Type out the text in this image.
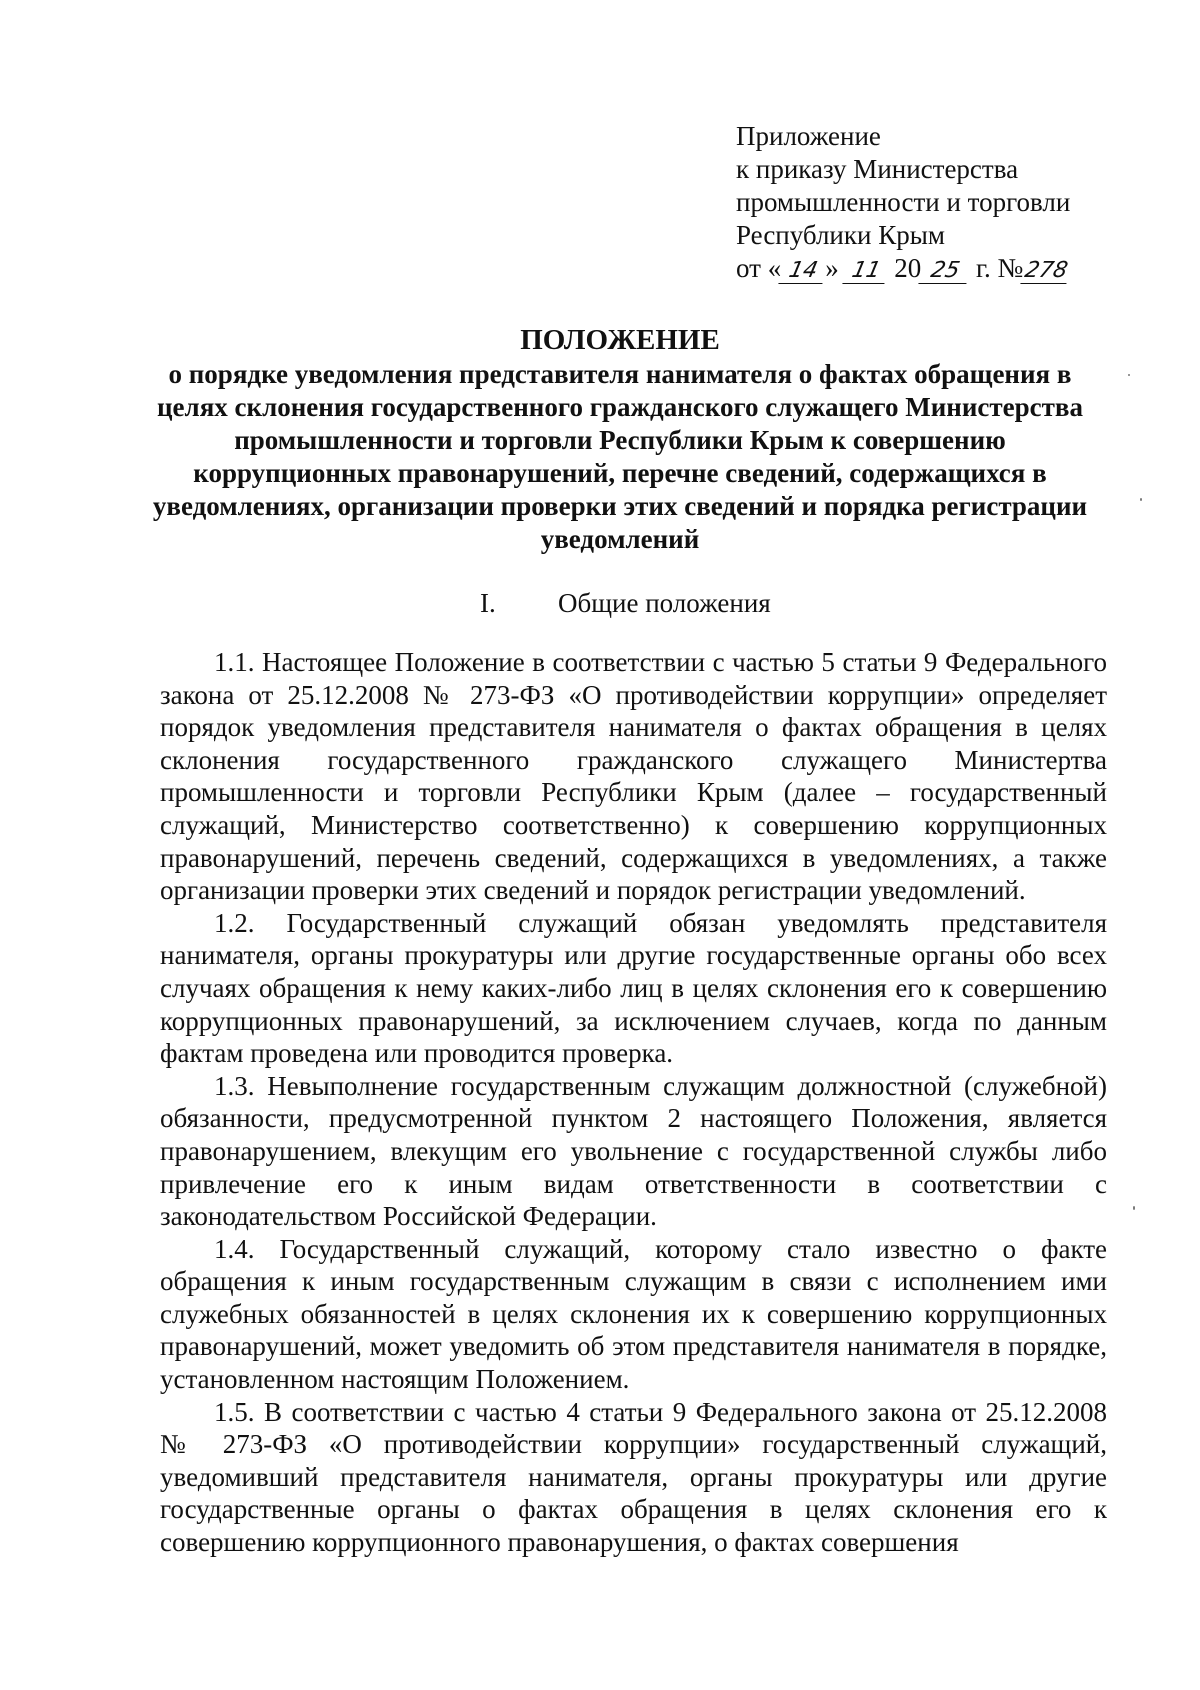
Приложение
к приказу Министерства
промышленности и торговли
Республики Крым
от « 14 » 11 20 25 г. №278
ПОЛОЖЕНИЕ
о порядке уведомления представителя нанимателя о фактах обращения в целях склонения государственного гражданского служащего Министерства промышленности и торговли Республики Крым к совершению коррупционных правонарушений, перечне сведений, содержащихся в уведомлениях, организации проверки этих сведений и порядка регистрации уведомлений
I. Общие положения

1.1. Настоящее Положение в соответствии с частью 5 статьи 9 Федерального закона от 25.12.2008 № 273-ФЗ «О противодействии коррупции» определяет порядок уведомления представителя нанимателя о фактах обращения в целях склонения государственного гражданского служащего Министертва промышленности и торговли Республики Крым (далее – государственный служащий, Министерство соответственно) к совершению коррупционных правонарушений, перечень сведений, содержащихся в уведомлениях, а также организации проверки этих сведений и порядок регистрации уведомлений.

1.2. Государственный служащий обязан уведомлять представителя нанимателя, органы прокуратуры или другие государственные органы обо всех случаях обращения к нему каких-либо лиц в целях склонения его к совершению коррупционных правонарушений, за исключением случаев, когда по данным фактам проведена или проводится проверка.

1.3. Невыполнение государственным служащим должностной (служебной) обязанности, предусмотренной пунктом 2 настоящего Положения, является правонарушением, влекущим его увольнение с государственной службы либо привлечение его к иным видам ответственности в соответствии с законодательством Российской Федерации.

1.4. Государственный служащий, которому стало известно о факте обращения к иным государственным служащим в связи с исполнением ими служебных обязанностей в целях склонения их к совершению коррупционных правонарушений, может уведомить об этом представителя нанимателя в порядке, установленном настоящим Положением.

1.5. В соответствии с частью 4 статьи 9 Федерального закона от 25.12.2008 № 273-ФЗ «О противодействии коррупции» государственный служащий, уведомивший представителя нанимателя, органы прокуратуры или другие государственные органы о фактах обращения в целях склонения его к совершению коррупционного правонарушения, о фактах совершения
